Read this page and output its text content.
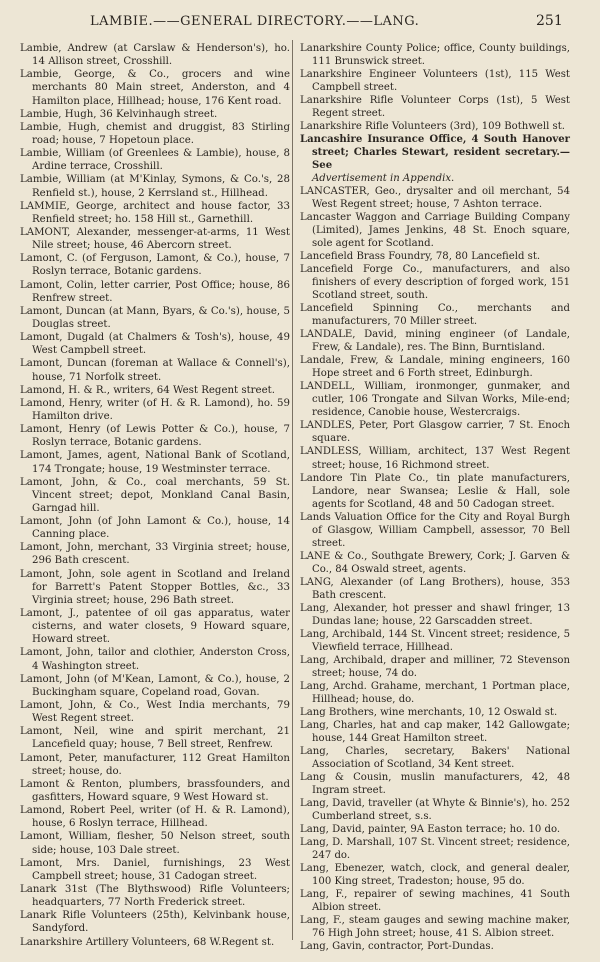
LAMBIE.——GENERAL DIRECTORY.——LANG.	251

Lambie, Andrew (at Carslaw & Henderson's), ho. 14 Allison street, Crosshill.

Lambie, George, & Co., grocers and wine merchants 80 Main street, Anderston, and 4 Hamilton place, Hillhead; house, 176 Kent road.

Lambie, Hugh, 36 Kelvinhaugh street.

Lambie, Hugh, chemist and druggist, 83 Stirling road; house, 7 Hopetoun place.

Lambie, William (of Greenlees & Lambie), house, 8 Ardine terrace, Crosshill.

Lambie, William (at M'Kinlay, Symons, & Co.'s, 28 Renfield st.), house, 2 Kerrsland st., Hillhead.

LAMMIE, George, architect and house factor, 33 Renfield street; ho. 158 Hill st., Garnethill.

LAMONT, Alexander, messenger-at-arms, 11 West Nile street; house, 46 Abercorn street.

Lamont, C. (of Ferguson, Lamont, & Co.), house, 7 Roslyn terrace, Botanic gardens.

Lamont, Colin, letter carrier, Post Office; house, 86 Renfrew street.

Lamont, Duncan (at Mann, Byars, & Co.'s), house, 5 Douglas street.

Lamont, Dugald (at Chalmers & Tosh's), house, 49 West Campbell street.

Lamont, Duncan (foreman at Wallace & Connell's), house, 71 Norfolk street.

Lamond, H. & R., writers, 64 West Regent street.

Lamond, Henry, writer (of H. & R. Lamond), ho. 59 Hamilton drive.

Lamont, Henry (of Lewis Potter & Co.), house, 7 Roslyn terrace, Botanic gardens.

Lamont, James, agent, National Bank of Scotland, 174 Trongate; house, 19 Westminster terrace.

Lamont, John, & Co., coal merchants, 59 St. Vincent street; depot, Monkland Canal Basin, Garngad hill.

Lamont, John (of John Lamont & Co.), house, 14 Canning place.

Lamont, John, merchant, 33 Virginia street; house, 296 Bath crescent.

Lamont, John, sole agent in Scotland and Ireland for Barrett's Patent Stopper Bottles, &c., 33 Virginia street; house, 296 Bath street.

Lamont, J., patentee of oil gas apparatus, water cisterns, and water closets, 9 Howard square, Howard street.

Lamont, John, tailor and clothier, Anderston Cross, 4 Washington street.

Lamont, John (of M'Kean, Lamont, & Co.), house, 2 Buckingham square, Copeland road, Govan.

Lamont, John, & Co., West India merchants, 79 West Regent street.

Lamont, Neil, wine and spirit merchant, 21 Lancefield quay; house, 7 Bell street, Renfrew.

Lamont, Peter, manufacturer, 112 Great Hamilton street; house, do.

Lamont & Renton, plumbers, brassfounders, and gasfitters, Howard square, 9 West Howard st.

Lamond, Robert Peel, writer (of H. & R. Lamond), house, 6 Roslyn terrace, Hillhead.

Lamont, William, flesher, 50 Nelson street, south side; house, 103 Dale street.

Lamont, Mrs. Daniel, furnishings, 23 West Campbell street; house, 31 Cadogan street.

Lanark 31st (The Blythswood) Rifle Volunteers; headquarters, 77 North Frederick street.

Lanark Rifle Volunteers (25th), Kelvinbank house, Sandyford.

Lanarkshire Artillery Volunteers, 68 W.Regent st.

Lanarkshire County Police; office, County buildings, 111 Brunswick street.

Lanarkshire Engineer Volunteers (1st), 115 West Campbell street.

Lanarkshire Rifle Volunteer Corps (1st), 5 West Regent street.

Lanarkshire Rifle Volunteers (3rd), 109 Bothwell st.

Lancashire Insurance Office, 4 South Hanover street; Charles Stewart, resident secretary.—See

Advertisement in Appendix.

LANCASTER, Geo., drysalter and oil merchant, 54 West Regent street; house, 7 Ashton terrace.

Lancaster Waggon and Carriage Building Company (Limited), James Jenkins, 48 St. Enoch square, sole agent for Scotland.

Lancefield Brass Foundry, 78, 80 Lancefield st.

Lancefield Forge Co., manufacturers, and also finishers of every description of forged work, 151 Scotland street, south.

Lancefield Spinning Co., merchants and manufacturers, 70 Miller street.

LANDALE, David, mining engineer (of Landale, Frew, & Landale), res. The Binn, Burntisland.

Landale, Frew, & Landale, mining engineers, 160 Hope street and 6 Forth street, Edinburgh.

LANDELL, William, ironmonger, gunmaker, and cutler, 106 Trongate and Silvan Works, Mile-end; residence, Canobie house, Westercraigs.

LANDLES, Peter, Port Glasgow carrier, 7 St. Enoch square.

LANDLESS, William, architect, 137 West Regent street; house, 16 Richmond street.

Landore Tin Plate Co., tin plate manufacturers, Landore, near Swansea; Leslie & Hall, sole agents for Scotland, 48 and 50 Cadogan street.

Lands Valuation Office for the City and Royal Burgh of Glasgow, William Campbell, assessor, 70 Bell street.

LANE & Co., Southgate Brewery, Cork; J. Garven & Co., 84 Oswald street, agents.

LANG, Alexander (of Lang Brothers), house, 353 Bath crescent.

Lang, Alexander, hot presser and shawl fringer, 13 Dundas lane; house, 22 Garscadden street.

Lang, Archibald, 144 St. Vincent street; residence, 5 Viewfield terrace, Hillhead.

Lang, Archibald, draper and milliner, 72 Stevenson street; house, 74 do.

Lang, Archd. Grahame, merchant, 1 Portman place, Hillhead; house, do.

Lang Brothers, wine merchants, 10, 12 Oswald st.

Lang, Charles, hat and cap maker, 142 Gallowgate; house, 144 Great Hamilton street.

Lang, Charles, secretary, Bakers' National Association of Scotland, 34 Kent street.

Lang & Cousin, muslin manufacturers, 42, 48 Ingram street.

Lang, David, traveller (at Whyte & Binnie's), ho. 252 Cumberland street, s.s.

Lang, David, painter, 9A Easton terrace; ho. 10 do.

Lang, D. Marshall, 107 St. Vincent street; residence, 247 do.

Lang, Ebenezer, watch, clock, and general dealer, 100 King street, Tradeston; house, 95 do.

Lang, F., repairer of sewing machines, 41 South Albion street.

Lang, F., steam gauges and sewing machine maker, 76 High John street; house, 41 S. Albion street.

Lang, Gavin, contractor, Port-Dundas.
